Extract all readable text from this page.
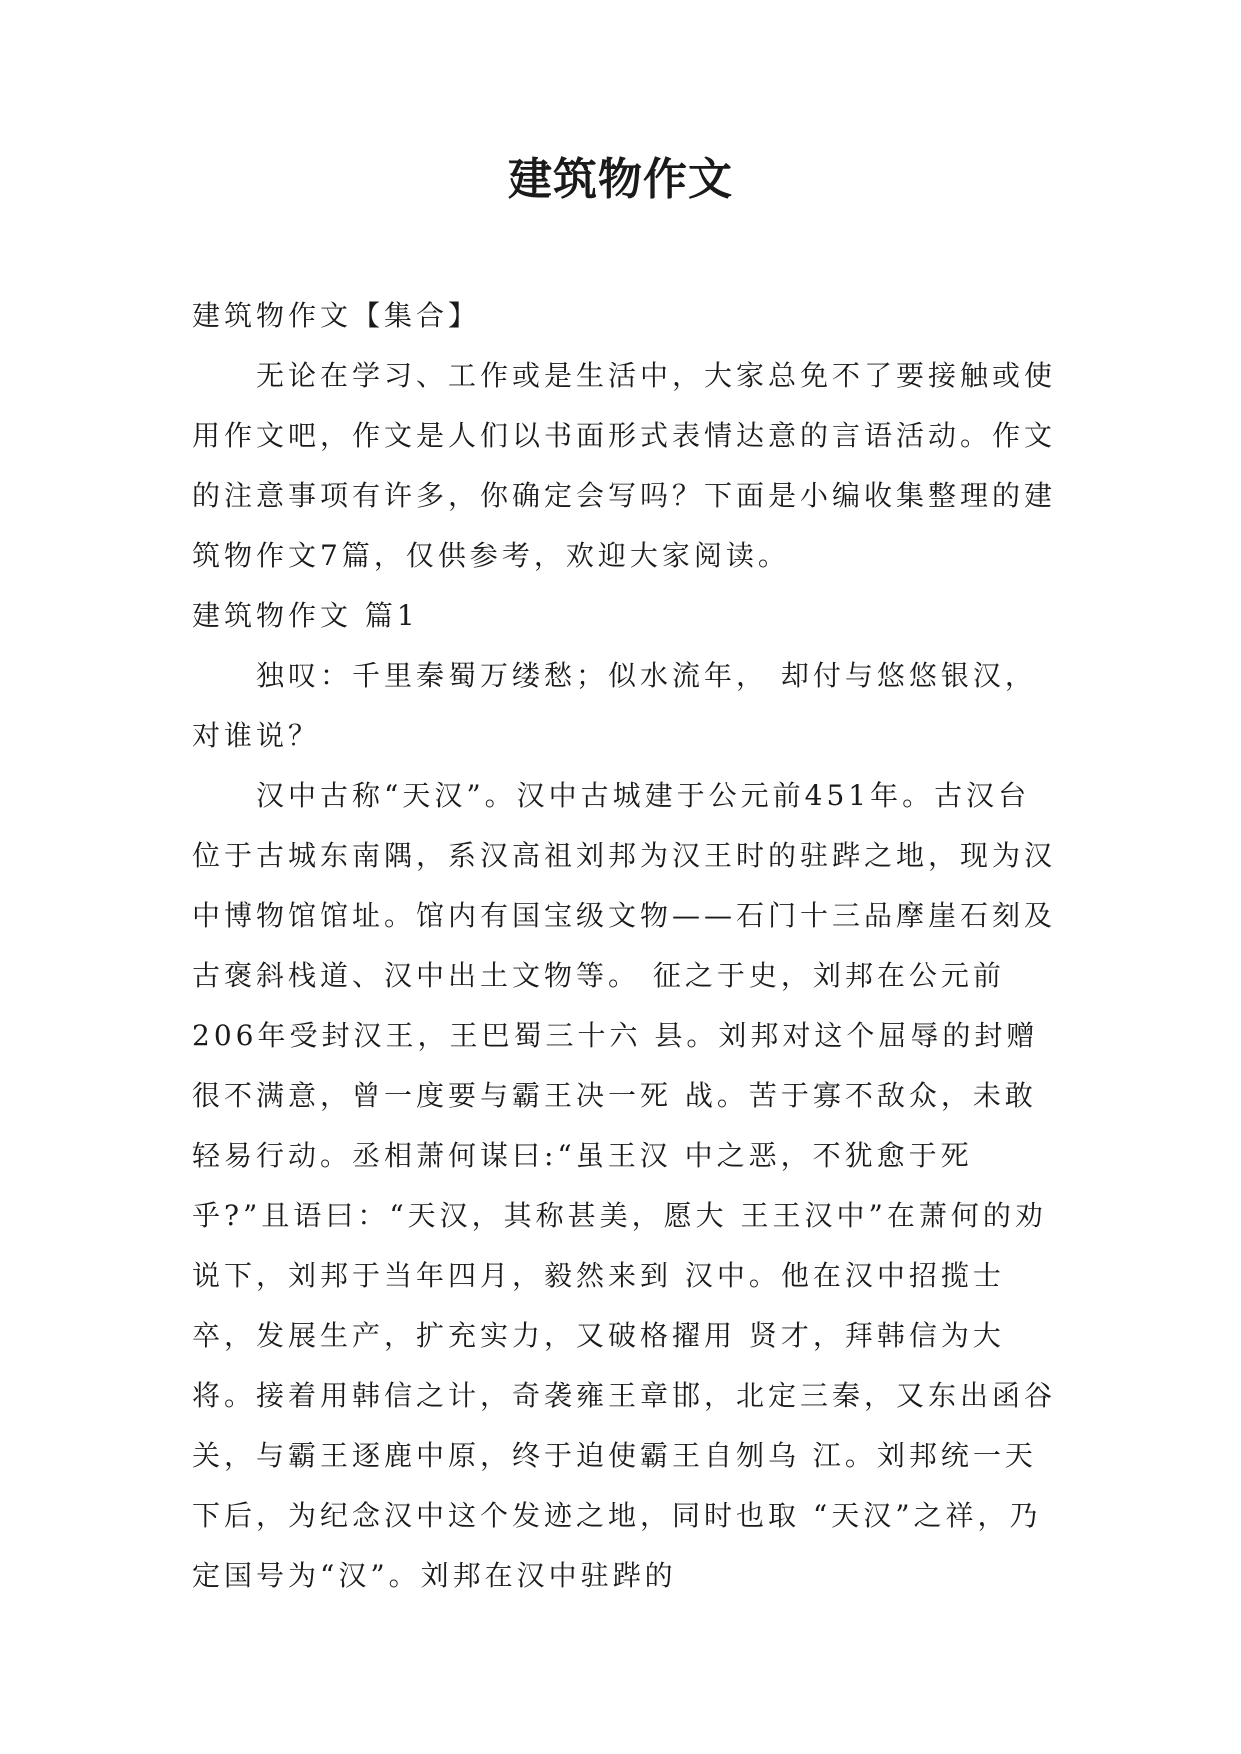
建筑物作文

建筑物作文【集合】

无论在学习、工作或是生活中，大家总免不了要接触或使用作文吧，作文是人们以书面形式表情达意的言语活动。作文的注意事项有许多，你确定会写吗？下面是小编收集整理的建筑物作文7篇，仅供参考，欢迎大家阅读。

建筑物作文 篇1

独叹：千里秦蜀万缕愁；似水流年， 却付与悠悠银汉，对谁说？

汉中古称“天汉”。汉中古城建于公元前451年。古汉台 位于古城东南隅，系汉高祖刘邦为汉王时的驻跸之地，现为汉 中博物馆馆址。馆内有国宝级文物——石门十三品摩崖石刻及 古褒斜栈道、汉中出土文物等。 征之于史，刘邦在公元前206年受封汉王，王巴蜀三十六 县。刘邦对这个屈辱的封赠很不满意，曾一度要与霸王决一死 战。苦于寡不敌众，未敢轻易行动。丞相萧何谋曰:“虽王汉 中之恶，不犹愈于死乎?”且语曰：“天汉，其称甚美，愿大 王王汉中”在萧何的劝说下，刘邦于当年四月，毅然来到 汉中。他在汉中招揽士卒，发展生产，扩充实力，又破格擢用 贤才，拜韩信为大将。接着用韩信之计，奇袭雍王章邯，北定三秦，又东出函谷关，与霸王逐鹿中原，终于迫使霸王自刎乌 江。刘邦统一天下后，为纪念汉中这个发迹之地，同时也取 “天汉”之祥，乃定国号为“汉”。刘邦在汉中驻跸的
